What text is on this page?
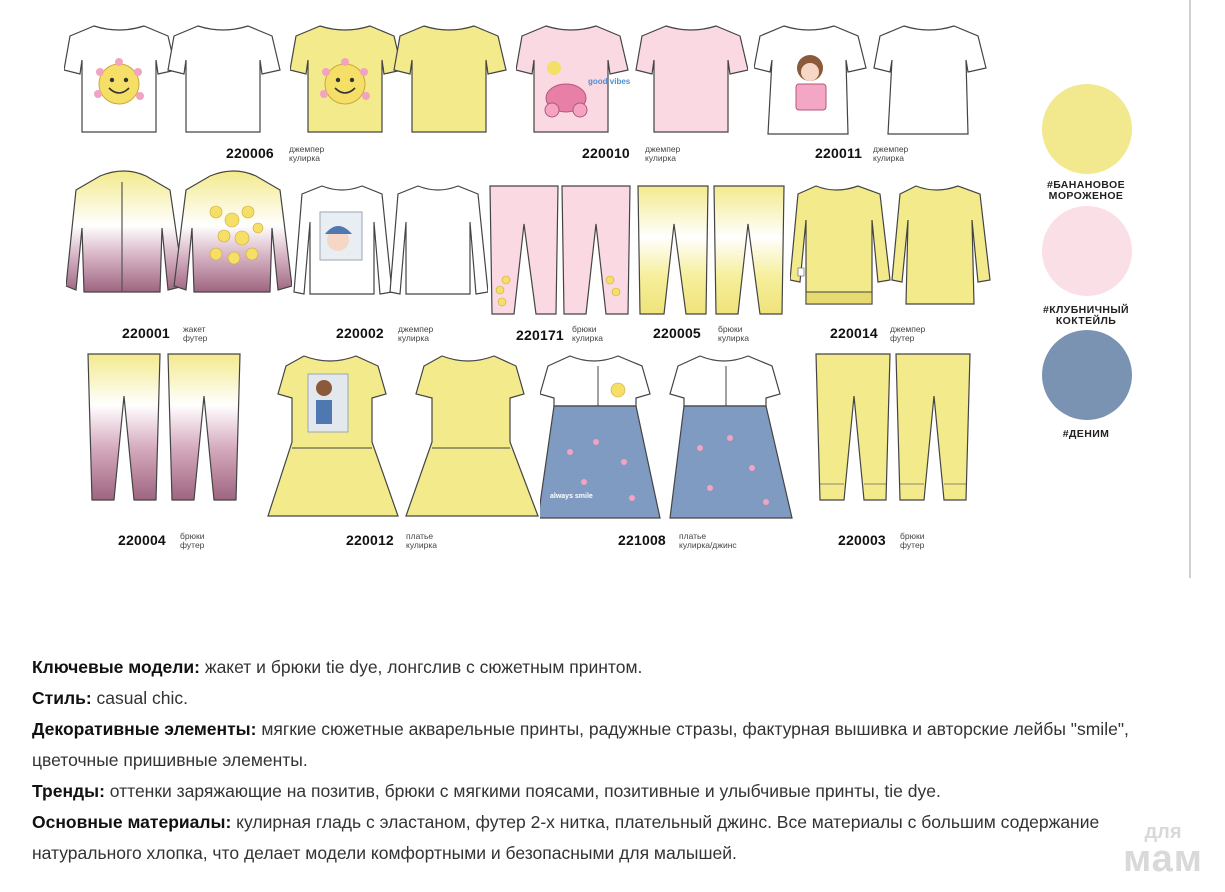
220006 джемпер
кулирка
good vibes
220010 джемпер
кулирка	220011 джемпер
кулирка
220001 жакет
футер	220002 джемпер
кулирка	220171 брюки
кулирка	220005 брюки
кулирка	220014 джемпер
футер
220004 брюки
футер	220012 платье
кулирка
always smile
221008 платье
кулирка/джинс	220003 брюки
футер
#БАНАНОВОЕ
МОРОЖЕНОЕ
#КЛУБНИЧНЫЙ
КОКТЕЙЛЬ
#ДЕНИМ

Ключевые модели: жакет и брюки tie dye, лонгслив с сюжетным принтом.

Стиль: casual chic.

Декоративные элементы: мягкие сюжетные акварельные принты, радужные стразы, фактурная вышивка и авторские лейбы "smile", цветочные пришивные элементы.

Тренды: оттенки заряжающие на позитив, брюки с мягкими поясами, позитивные и улыбчивые принты, tie dye.

Основные материалы: кулирная гладь с эластаном, футер 2-х нитка, плательный джинс. Все материалы с большим содержание натурального хлопка, что делает модели комфортными и безопасными для малышей.

для
мам
